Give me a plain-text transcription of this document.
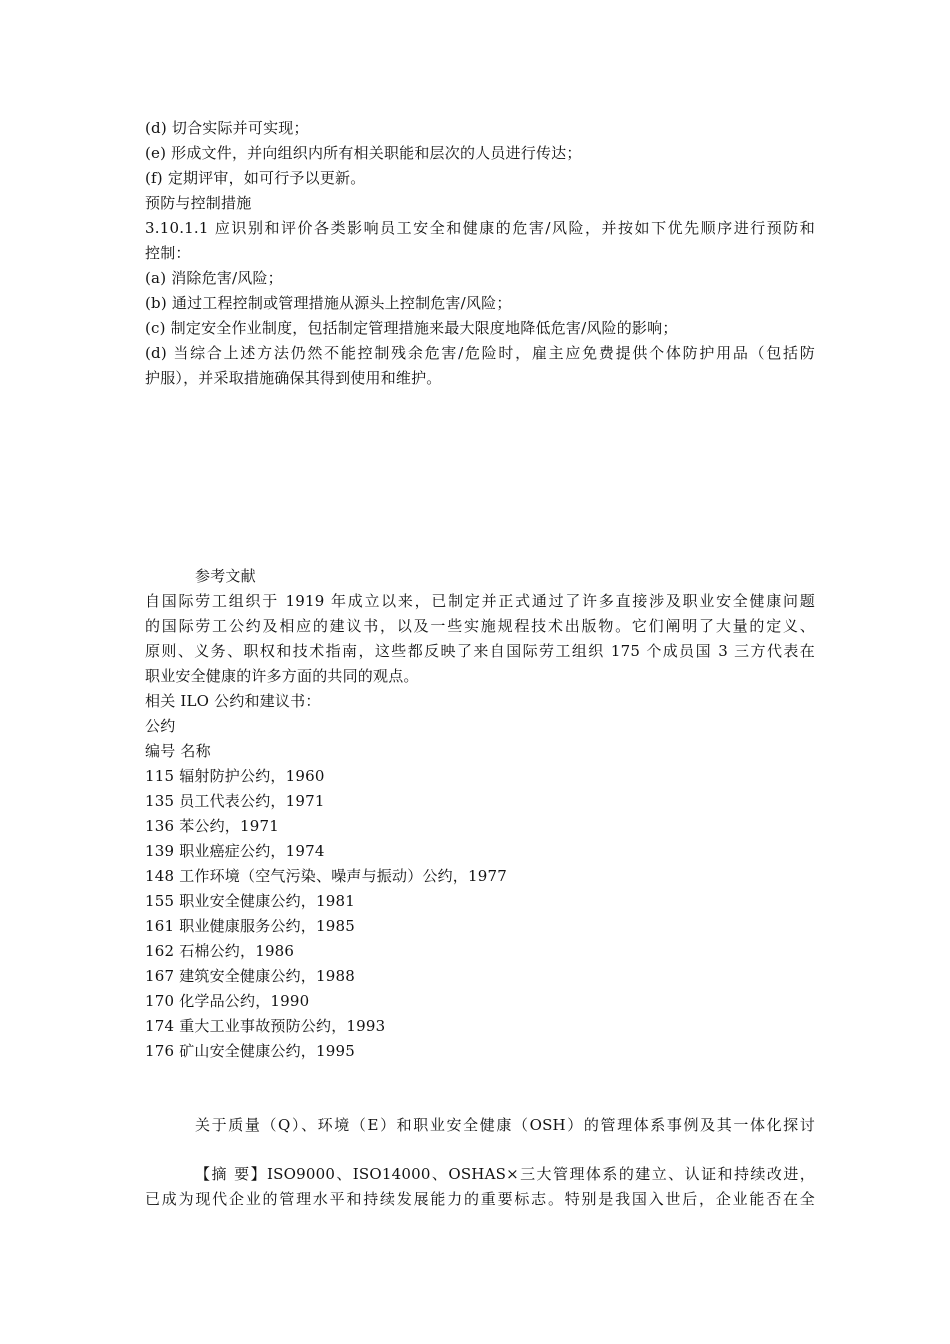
(d) 切合实际并可实现；
(e) 形成文件，并向组织内所有相关职能和层次的人员进行传达；
(f) 定期评审，如可行予以更新。
预防与控制措施
3.10.1.1 应识别和评价各类影响员工安全和健康的危害/风险，并按如下优先顺序进行预防和
控制：
(a) 消除危害/风险；
(b) 通过工程控制或管理措施从源头上控制危害/风险；
(c) 制定安全作业制度，包括制定管理措施来最大限度地降低危害/风险的影响；
(d) 当综合上述方法仍然不能控制残余危害/危险时，雇主应免费提供个体防护用品（包括防
护服），并采取措施确保其得到使用和维护。
参考文献
自国际劳工组织于 1919 年成立以来，已制定并正式通过了许多直接涉及职业安全健康问题
的国际劳工公约及相应的建议书，以及一些实施规程技术出版物。它们阐明了大量的定义、
原则、义务、职权和技术指南，这些都反映了来自国际劳工组织 175 个成员国 3 三方代表在
职业安全健康的许多方面的共同的观点。
相关 ILO 公约和建议书：
公约
编号 名称
115 辐射防护公约，1960
135 员工代表公约，1971
136 苯公约，1971
139 职业癌症公约，1974
148 工作环境（空气污染、噪声与振动）公约，1977
155 职业安全健康公约，1981
161 职业健康服务公约，1985
162 石棉公约，1986
167 建筑安全健康公约，1988
170 化学品公约，1990
174 重大工业事故预防公约，1993
176 矿山安全健康公约，1995
关于质量（Q）、环境（E）和职业安全健康（OSH）的管理体系事例及其一体化探讨
【摘 要】ISO9000、ISO14000、OSHAS×三大管理体系的建立、认证和持续改进，
已成为现代企业的管理水平和持续发展能力的重要标志。特别是我国入世后，企业能否在全
